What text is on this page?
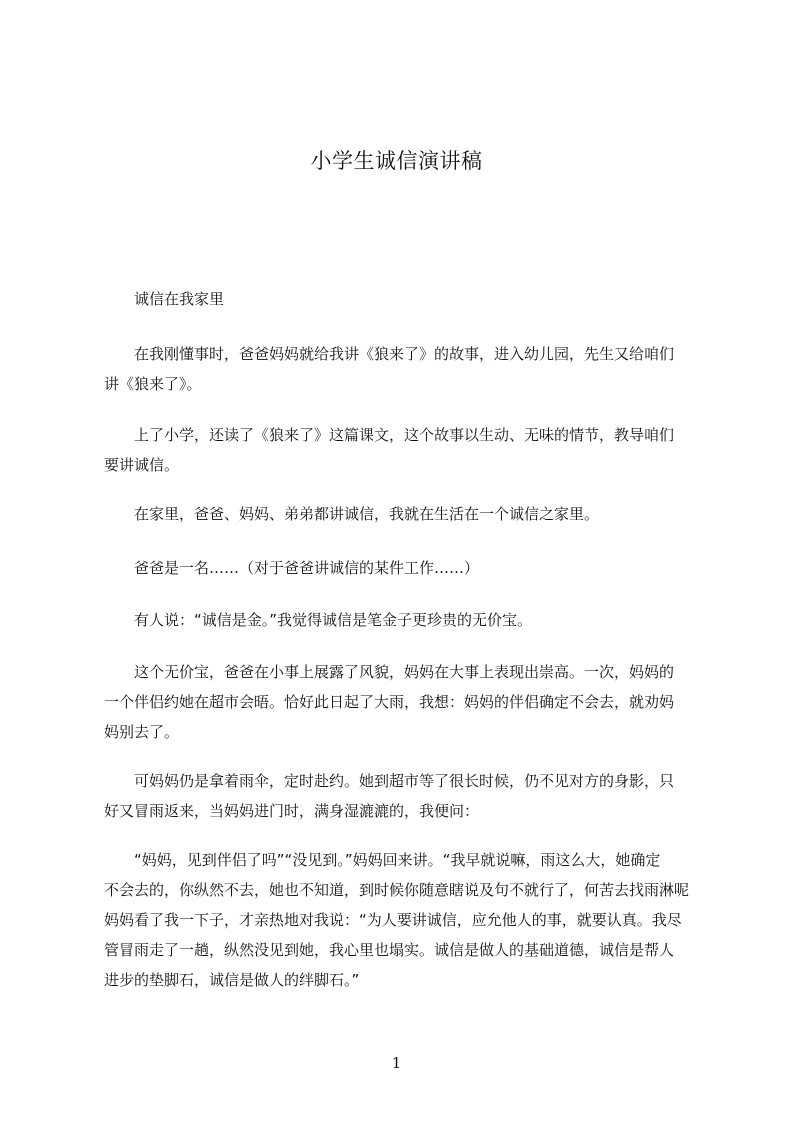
小学生诚信演讲稿
　　诚信在我家里
　　在我刚懂事时，爸爸妈妈就给我讲《狼来了》的故事，进入幼儿园，先生又给咱们
讲《狼来了》。
　　上了小学，还读了《狼来了》这篇课文，这个故事以生动、无味的情节，教导咱们
要讲诚信。
　　在家里，爸爸、妈妈、弟弟都讲诚信，我就在生活在一个诚信之家里。
　　爸爸是一名……（对于爸爸讲诚信的某件工作……）
　　有人说：“诚信是金。”我觉得诚信是笔金子更珍贵的无价宝。
　　这个无价宝，爸爸在小事上展露了风貌，妈妈在大事上表现出崇高。一次，妈妈的
一个伴侣约她在超市会晤。恰好此日起了大雨，我想：妈妈的伴侣确定不会去，就劝妈
妈别去了。
　　可妈妈仍是拿着雨伞，定时赴约。她到超市等了很长时候，仍不见对方的身影，只
好又冒雨返来，当妈妈进门时，满身湿漉漉的，我便问：
　　“妈妈，见到伴侣了吗”“没见到。”妈妈回来讲。“我早就说嘛，雨这么大，她确定
不会去的，你纵然不去，她也不知道，到时候你随意瞎说及句不就行了，何苦去找雨淋呢
妈妈看了我一下子，才亲热地对我说：“为人要讲诚信，应允他人的事，就要认真。我尽
管冒雨走了一趟，纵然没见到她，我心里也塌实。诚信是做人的基础道德，诚信是帮人
进步的垫脚石，诚信是做人的绊脚石。”
1
